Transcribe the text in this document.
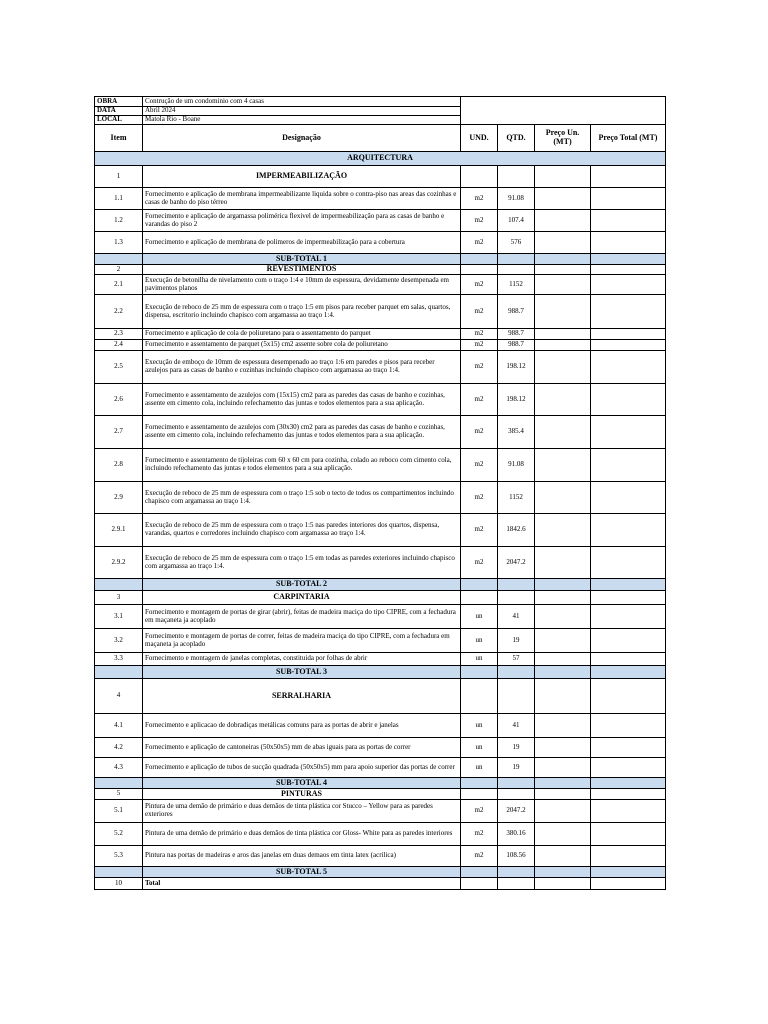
OBRA	Contrução de um condominio com 4 casas				
DATA	Abril 2024				
LOCAL	Matola Rio - Boane				
Item	Designação	UND.	QTD.	Preço Un. (MT)	Preço Total (MT)
ARQUITECTURA					
1	IMPERMEABILIZAÇÃO				
1.1	Fornecimento e aplicação de membrana impermeabilizante liquida sobre o contra-piso nas areas das cozinhas e casas de banho do piso térreo	m2	91.08		
1.2	Fornecimento e aplicação de argamassa polimérica flexivel de impermeabilização para as casas de banho e varandas do piso 2	m2	107.4		
1.3	Fornecimento e aplicação de membrana de polimeros de impermeabilização para a cobertura	m2	576		
	SUB-TOTAL 1				
2	REVESTIMENTOS				
2.1	Execução de betonilha de nivelamento com o traço 1:4 e 10mm de espessura, devidamente desempenada em pavimentos planos	m2	1152		
2.2	Execução de reboco de 25 mm de espessura com o traço 1:5 em pisos para receber parquet em salas, quartos, dispensa, escritorio incluindo chapisco com argamassa ao traço 1:4.	m2	988.7		
2.3	Fornecimento e aplicação de cola de poliuretano para o assentamento do parquet	m2	988.7		
2.4	Fornecimento e assentamento de parquet (5x15) cm2 assente sobre cola de poliuretano	m2	988.7		
2.5	Execução de emboço de 10mm de espessura desempenado ao traço 1:6 em paredes e pisos para receber azulejos para as casas de banho e cozinhas incluindo chapisco com argamassa ao traço 1:4.	m2	198.12		
2.6	Fornecimento e assentamento de azulejos com (15x15) cm2 para as paredes das casas de banho e cozinhas, assente em cimento cola, incluindo refechamento das juntas e todos elementos para a sua aplicação.	m2	198.12		
2.7	Fornecimento e assentamento de azulejos com (30x30) cm2 para as paredes das casas de banho e cozinhas, assente em cimento cola, incluindo refechamento das juntas e todos elementos para a sua aplicação.	m2	385.4		
2.8	Fornecimento e assentamento de tijoleiras com 60 x 60 cm para cozinha, colado ao reboco com cimento cola, incluindo refechamento das juntas e todos elementos para a sua aplicação.	m2	91.08		
2.9	Execução de reboco de 25 mm de espessura com o traço 1:5 sob o tecto de todos os compartimentos incluindo chapisco com argamassa ao traço 1:4.	m2	1152		
2.9.1	Execução de reboco de 25 mm de espessura com o traço 1:5 nas paredes interiores dos quartos, dispensa, varandas, quartos e corredores incluindo chapisco com argamassa ao traço 1:4.	m2	1842.6		
2.9.2	Execução de reboco de 25 mm de espessura com o traço 1:5 em todas as paredes exteriores incluindo chapisco com argamassa ao traço 1:4.	m2	2047.2		
	SUB-TOTAL 2				
3	CARPINTARIA				
3.1	Fornecimento e montagem de portas de girar (abrir), feitas de madeira maciça do tipo CIPRE, com a fechadura em maçaneta ja acoplado	un	41		
3.2	Fornecimento e montagem de portas de correr, feitas de madeira maciça do tipo CIPRE, com a fechadura em maçaneta ja acoplado	un	19		
3.3	Fornecimento e montagem de janelas completas, constituida por folhas de abrir	un	57		
	SUB-TOTAL 3				
4	SERRALHARIA				
4.1	Fornecimento e aplicacao de dobradiças metálicas comuns para as portas de abrir e janelas	un	41		
4.2	Fornecimento e aplicação de cantoneiras (50x50x5) mm de abas iguais para as portas de correr	un	19		
4.3	Fornecimento e aplicação de tubos de sucção quadrada (50x50x5) mm para apoio superior das portas de correr	un	19		
	SUB-TOTAL 4				
5	PINTURAS				
5.1	Pintura de uma demão de primário e duas demãos de tinta plástica cor Stucco – Yellow para as paredes exteriores	m2	2047.2		
5.2	Pintura de uma demão de primário e duas demãos de tinta plástica cor Gloss- White para as paredes interiores	m2	380.16		
5.3	Pintura nas portas de madeiras e aros das janelas em duas demaos em tinta latex (acrilica)	m2	108.56		
	SUB-TOTAL 5				
10	Total				
